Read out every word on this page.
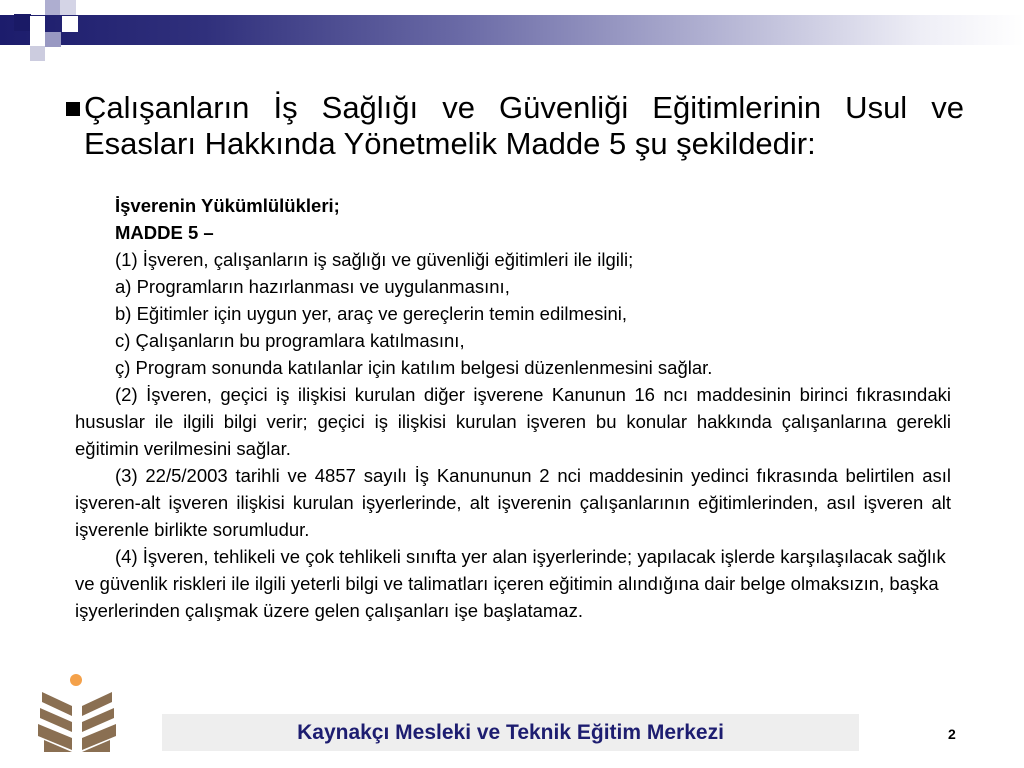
Çalışanların İş Sağlığı ve Güvenliği Eğitimlerinin Usul ve Esasları Hakkında Yönetmelik Madde 5 şu şekildedir:
İşverenin Yükümlülükleri;
MADDE 5 –
(1) İşveren, çalışanların iş sağlığı ve güvenliği eğitimleri ile ilgili;
a) Programların hazırlanması ve uygulanmasını,
b) Eğitimler için uygun yer, araç ve gereçlerin temin edilmesini,
c) Çalışanların bu programlara katılmasını,
ç) Program sonunda katılanlar için katılım belgesi düzenlenmesini sağlar.
(2) İşveren, geçici iş ilişkisi kurulan diğer işverene Kanunun 16 ncı maddesinin birinci fıkrasındaki hususlar ile ilgili bilgi verir; geçici iş ilişkisi kurulan işveren bu konular hakkında çalışanlarına gerekli eğitimin verilmesini sağlar.
(3) 22/5/2003 tarihli ve 4857 sayılı İş Kanununun 2 nci maddesinin yedinci fıkrasında belirtilen asıl işveren-alt işveren ilişkisi kurulan işyerlerinde, alt işverenin çalışanlarının eğitimlerinden, asıl işveren alt işverenle birlikte sorumludur.
(4) İşveren, tehlikeli ve çok tehlikeli sınıfta yer alan işyerlerinde; yapılacak işlerde karşılaşılacak sağlık ve güvenlik riskleri ile ilgili yeterli bilgi ve talimatları içeren eğitimin alındığına dair belge olmaksızın, başka işyerlerinden çalışmak üzere gelen çalışanları işe başlatamaz.
Kaynakçı Mesleki ve Teknik Eğitim Merkezi	2
